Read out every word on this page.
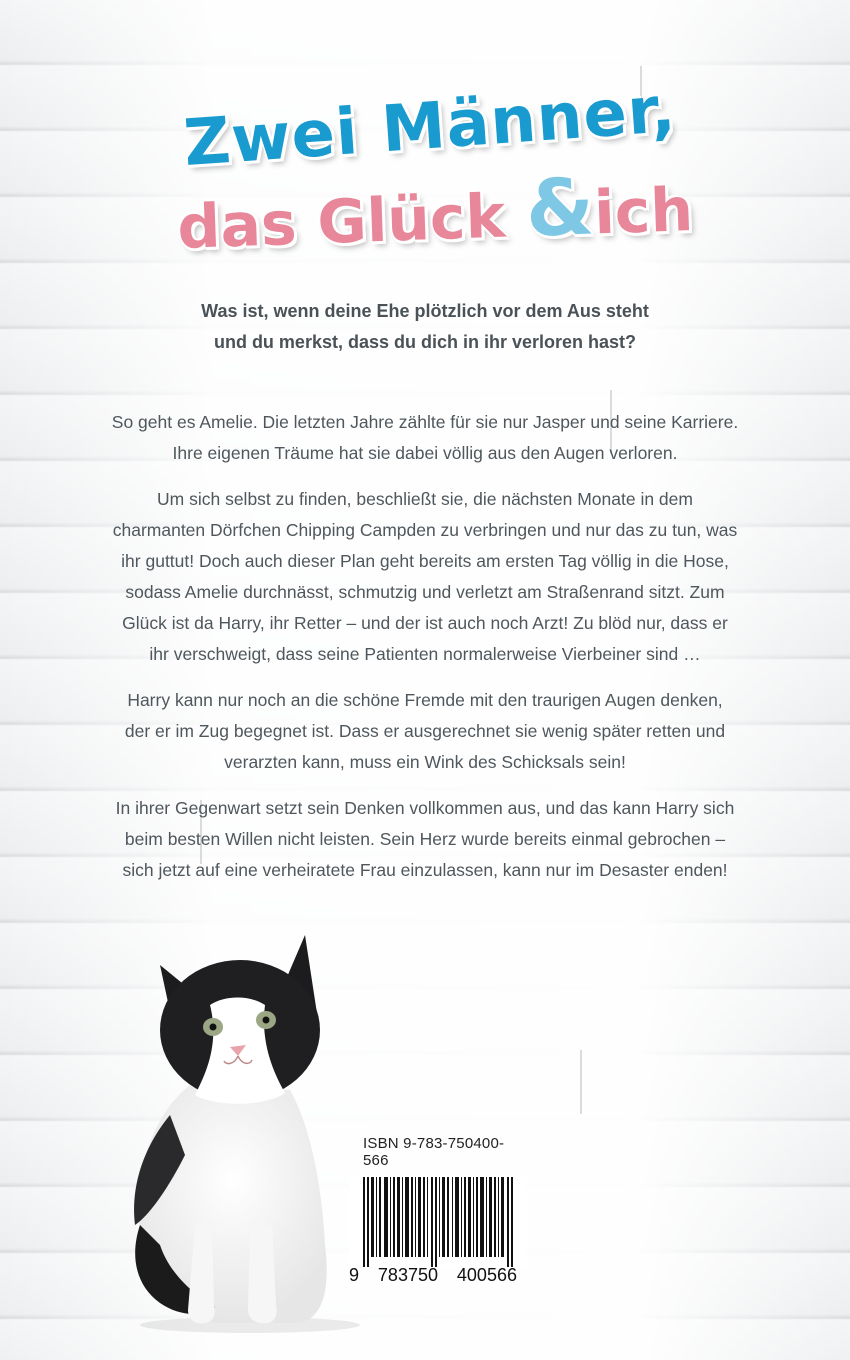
Zwei Männer,
das Glück &ich
Was ist, wenn deine Ehe plötzlich vor dem Aus steht
und du merkst, dass du dich in ihr verloren hast?

So geht es Amelie. Die letzten Jahre zählte für sie nur Jasper und seine Karriere.
Ihre eigenen Träume hat sie dabei völlig aus den Augen verloren.

Um sich selbst zu finden, beschließt sie, die nächsten Monate in dem
charmanten Dörfchen Chipping Campden zu verbringen und nur das zu tun, was
ihr guttut! Doch auch dieser Plan geht bereits am ersten Tag völlig in die Hose,
sodass Amelie durchnässt, schmutzig und verletzt am Straßenrand sitzt. Zum
Glück ist da Harry, ihr Retter – und der ist auch noch Arzt! Zu blöd nur, dass er
ihr verschweigt, dass seine Patienten normalerweise Vierbeiner sind …

Harry kann nur noch an die schöne Fremde mit den traurigen Augen denken,
der er im Zug begegnet ist. Dass er ausgerechnet sie wenig später retten und
verarzten kann, muss ein Wink des Schicksals sein!

In ihrer Gegenwart setzt sein Denken vollkommen aus, und das kann Harry sich
beim besten Willen nicht leisten. Sein Herz wurde bereits einmal gebrochen –
sich jetzt auf eine verheiratete Frau einzulassen, kann nur im Desaster enden!

ISBN 9-783-750400-566
9 783750 400566
